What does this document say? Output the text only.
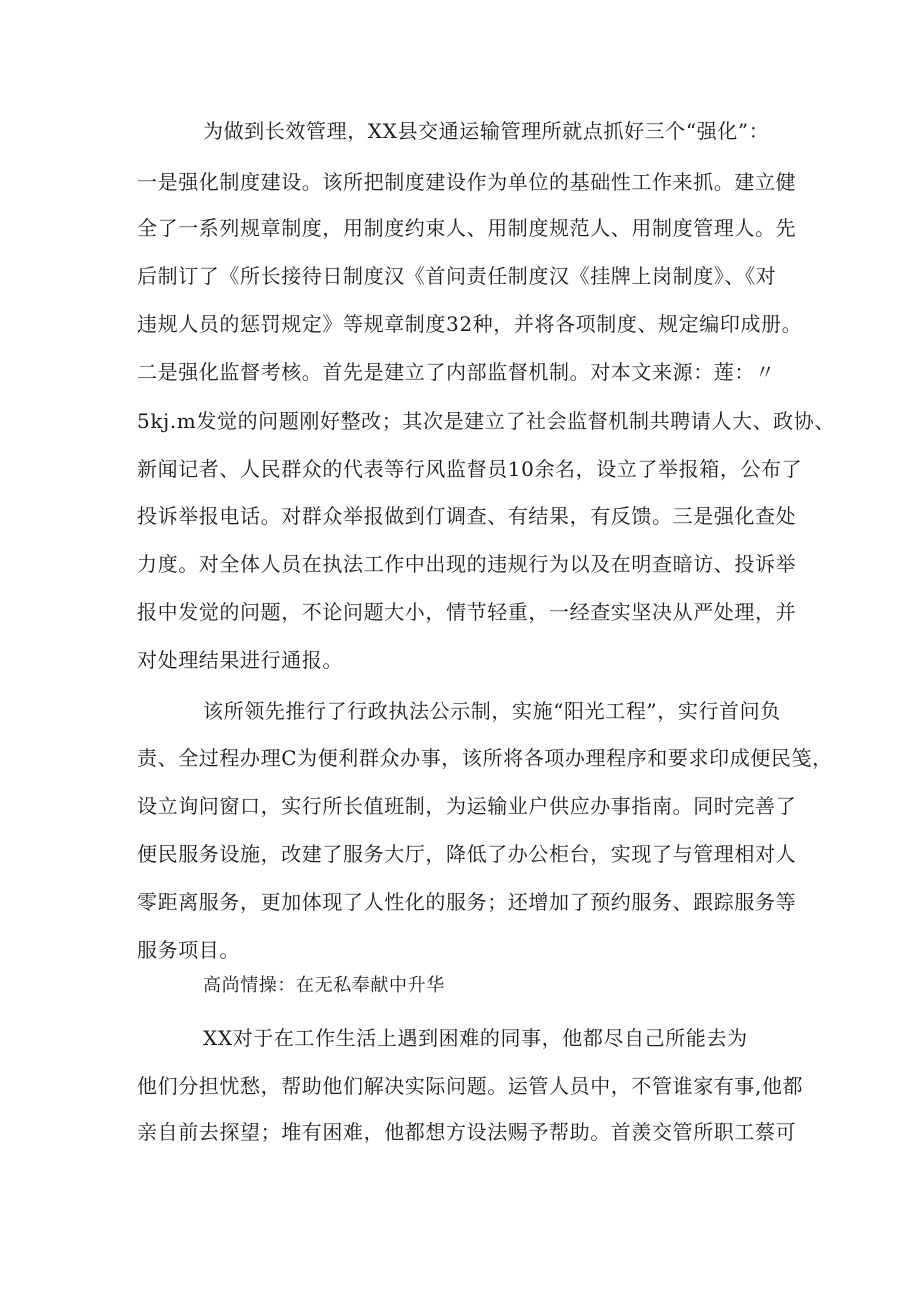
为做到长效管理，XX县交通运输管理所就点抓好三个“强化”：
一是强化制度建设。该所把制度建设作为单位的基础性工作来抓。建立健
全了一系列规章制度，用制度约束人、用制度规范人、用制度管理人。先
后制订了《所长接待日制度汉《首问责任制度汉《挂牌上岗制度》、《对
违规人员的惩罚规定》等规章制度32种，并将各项制度、规定编印成册。
二是强化监督考核。首先是建立了内部监督机制。对本文来源：莲：〃
5kj.m发觉的问题刚好整改；其次是建立了社会监督机制共聘请人大、政协、
新闻记者、人民群众的代表等行风监督员10余名，设立了举报箱，公布了
投诉举报电话。对群众举报做到仃调查、有结果，有反馈。三是强化查处
力度。对全体人员在执法工作中出现的违规行为以及在明查暗访、投诉举
报中发觉的问题，不论问题大小，情节轻重，一经查实坚决从严处理，并
对处理结果进行通报。
该所领先推行了行政执法公示制，实施“阳光工程”，实行首问负
责、全过程办理C为便利群众办事，该所将各项办理程序和要求印成便民笺，
设立询问窗口，实行所长值班制，为运输业户供应办事指南。同时完善了
便民服务设施，改建了服务大厅，降低了办公柜台，实现了与管理相对人
零距离服务，更加体现了人性化的服务；还增加了预约服务、跟踪服务等
服务项目。
高尚情操：在无私奉献中升华
XX对于在工作生活上遇到困难的同事，他都尽自己所能去为
他们分担忧愁，帮助他们解决实际问题。运管人员中，不管谁家有事,他都
亲自前去探望；堆有困难，他都想方设法赐予帮助。首羡交管所职工蔡可
